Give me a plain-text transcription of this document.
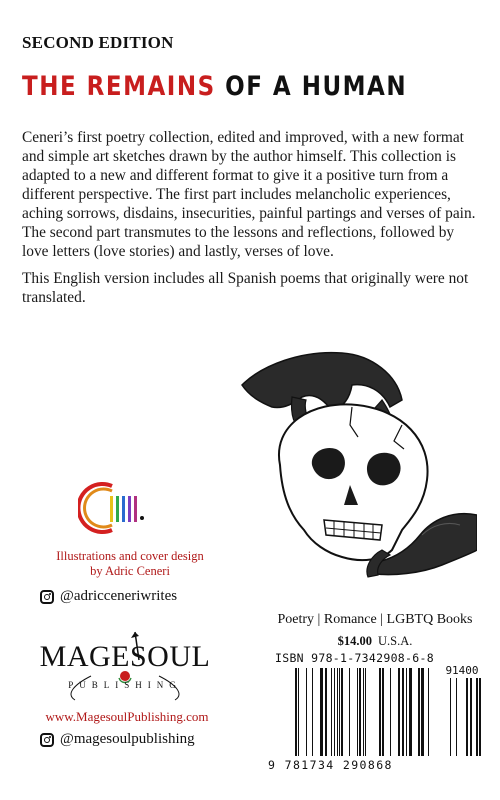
SECOND EDITION
THE REMAINS OF A HUMAN

Ceneri’s first poetry collection, edited and improved, with a new format and simple art sketches drawn by the author himself. This collection is adapted to a new and different format to give it a positive turn from a different perspective. The first part includes melancholic experiences, aching sorrows, disdains, insecurities, painful partings and verses of pain. The second part transmutes to the lessons and reflections, followed by love letters (love stories) and lastly, verses of love.

This English version includes all Spanish poems that originally were not translated.

Illustrations and cover design
by Adric Ceneri
@adricceneriwrites
MAGESOUL
PUBLISHING
www.MagesoulPublishing.com
@magesoulpublishing
Poetry | Romance | LGBTQ Books
$14.00 U.S.A.
ISBN 978-1-7342908-6-8
91400
9 781734 290868
